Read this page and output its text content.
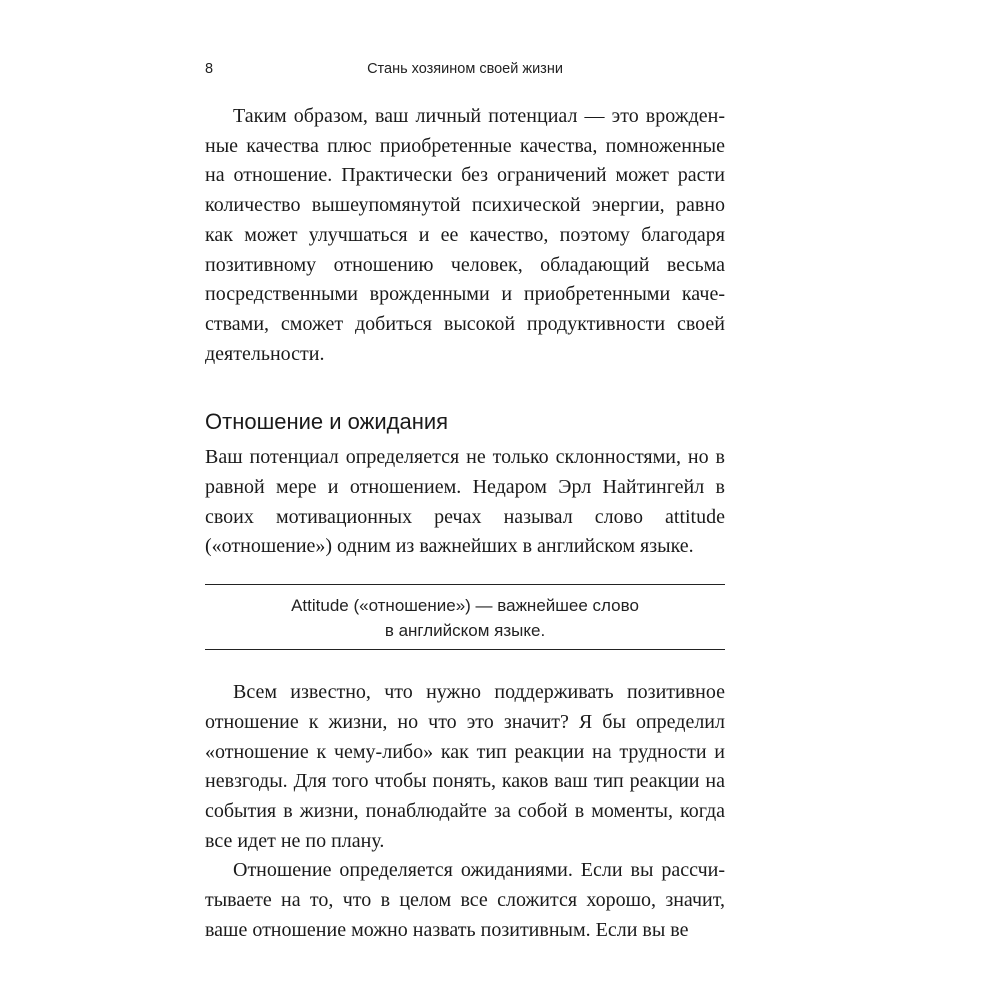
8	Стань хозяином своей жизни

Таким образом, ваш личный потенциал — это врожденные качества плюс приобретенные качества, помноженные на отношение. Практически без ограничений может расти количество вышеупомянутой психической энергии, равно как может улучшаться и ее качество, поэтому благодаря позитивному отношению человек, обладающий весьма посредственными врожденными и приобретенными качествами, сможет добиться высокой продуктивности своей деятельности.

Отношение и ожидания

Ваш потенциал определяется не только склонностями, но в равной мере и отношением. Недаром Эрл Найтингейл в своих мотивационных речах называл слово attitude («отношение») одним из важнейших в английском языке.

Attitude («отношение») — важнейшее слово
в английском языке.

Всем известно, что нужно поддерживать позитивное отношение к жизни, но что это значит? Я бы определил «отношение к чему-либо» как тип реакции на трудности и невзгоды. Для того чтобы понять, каков ваш тип реакции на события в жизни, понаблюдайте за собой в моменты, когда все идет не по плану.

Отношение определяется ожиданиями. Если вы рассчитываете на то, что в целом все сложится хорошо, значит, ваше отношение можно назвать позитивным. Если вы ве
